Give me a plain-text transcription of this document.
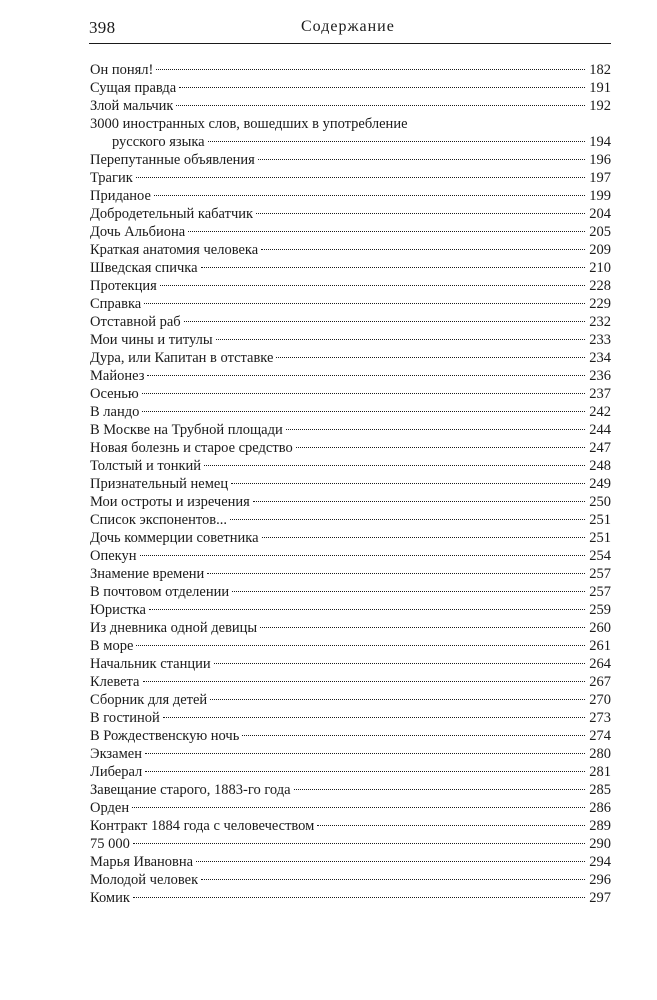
398	Содержание
Он понял!	182
Сущая правда	191
Злой мальчик	192
3000 иностранных слов, вошедших в употребление
русского языка	194
Перепутанные объявления	196
Трагик	197
Приданое	199
Добродетельный кабатчик	204
Дочь Альбиона	205
Краткая анатомия человека	209
Шведская спичка	210
Протекция	228
Справка	229
Отставной раб	232
Мои чины и титулы	233
Дура, или Капитан в отставке	234
Майонез	236
Осенью	237
В ландо	242
В Москве на Трубной площади	244
Новая болезнь и старое средство	247
Толстый и тонкий	248
Признательный немец	249
Мои остроты и изречения	250
Список экспонентов...	251
Дочь коммерции советника	251
Опекун	254
Знамение времени	257
В почтовом отделении	257
Юристка	259
Из дневника одной девицы	260
В море	261
Начальник станции	264
Клевета	267
Сборник для детей	270
В гостиной	273
В Рождественскую ночь	274
Экзамен	280
Либерал	281
Завещание старого, 1883-го года	285
Орден	286
Контракт 1884 года с человечеством	289
75 000	290
Марья Ивановна	294
Молодой человек	296
Комик	297
